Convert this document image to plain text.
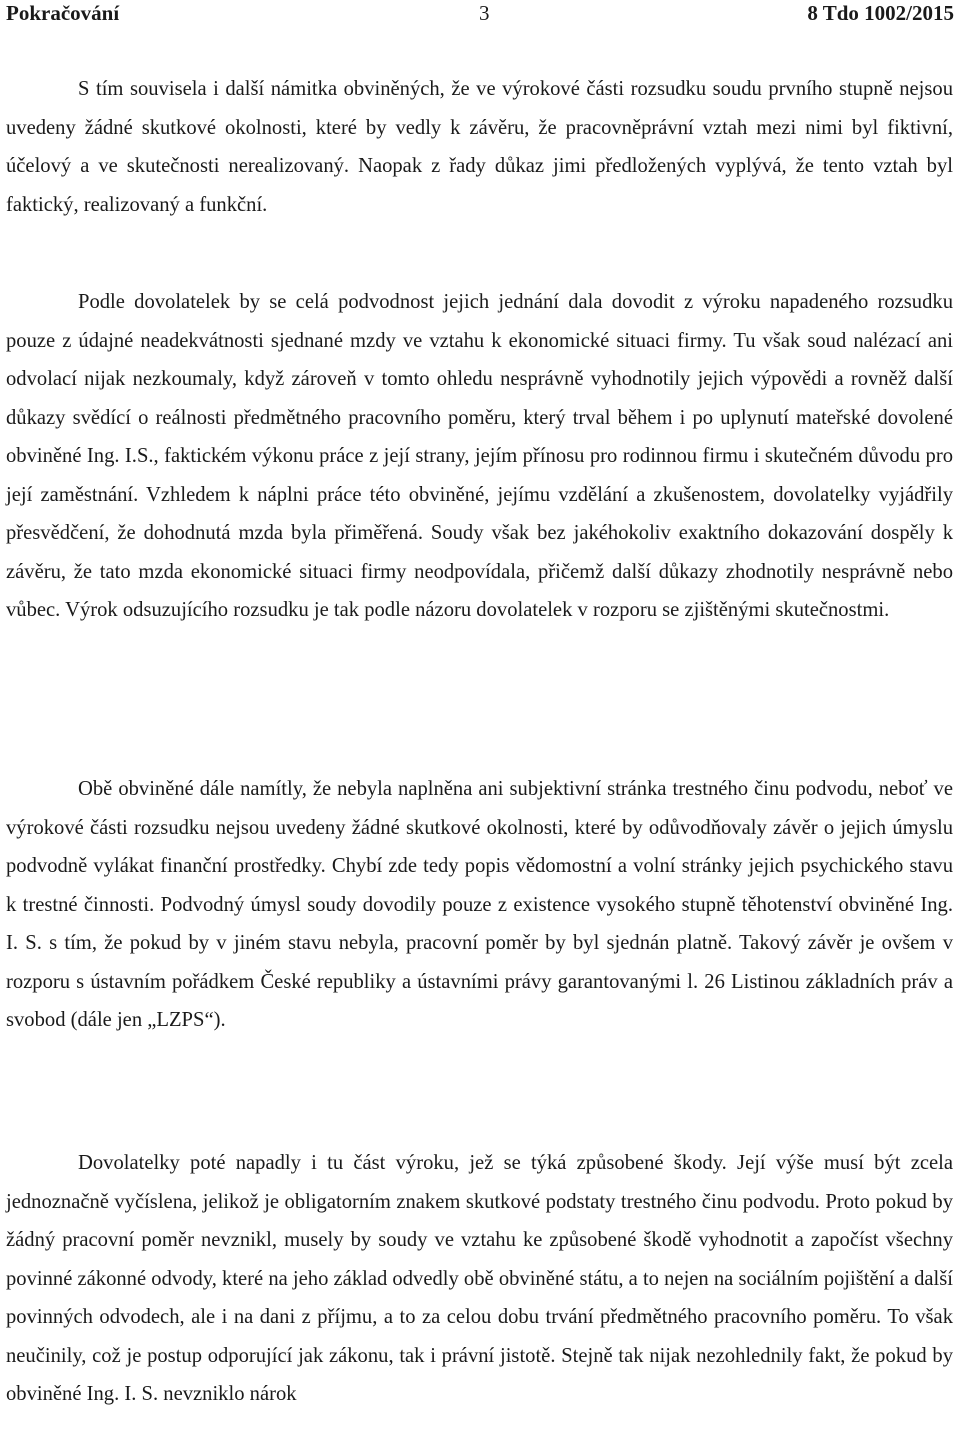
Pokračování	3	8 Tdo 1002/2015

S tím souvisela i další námitka obviněných, že ve výrokové části rozsudku soudu prvního stupně nejsou uvedeny žádné skutkové okolnosti, které by vedly k závěru, že pracovněprávní vztah mezi nimi byl fiktivní, účelový a ve skutečnosti nerealizovaný. Naopak z řady důkaz jimi předložených vyplývá, že tento vztah byl faktický, realizovaný a funkční.

Podle dovolatelek by se celá podvodnost jejich jednání dala dovodit z výroku napadeného rozsudku pouze z údajné neadekvátnosti sjednané mzdy ve vztahu k ekonomické situaci firmy. Tu však soud nalézací ani odvolací nijak nezkoumaly, když zároveň v tomto ohledu nesprávně vyhodnotily jejich výpovědi a rovněž další důkazy svědící o reálnosti předmětného pracovního poměru, který trval během i po uplynutí mateřské dovolené obviněné Ing. I.S., faktickém výkonu práce z její strany, jejím přínosu pro rodinnou firmu i skutečném důvodu pro její zaměstnání. Vzhledem k náplni práce této obviněné, jejímu vzdělání a zkušenostem, dovolatelky vyjádřily přesvědčení, že dohodnutá mzda byla přiměřená. Soudy však bez jakéhokoliv exaktního dokazování dospěly k závěru, že tato mzda ekonomické situaci firmy neodpovídala, přičemž další důkazy zhodnotily nesprávně nebo vůbec. Výrok odsuzujícího rozsudku je tak podle názoru dovolatelek v rozporu se zjištěnými skutečnostmi.

Obě obviněné dále namítly, že nebyla naplněna ani subjektivní stránka trestného činu podvodu, neboť ve výrokové části rozsudku nejsou uvedeny žádné skutkové okolnosti, které by odůvodňovaly závěr o jejich úmyslu podvodně vylákat finanční prostředky. Chybí zde tedy popis vědomostní a volní stránky jejich psychického stavu k trestné činnosti. Podvodný úmysl soudy dovodily pouze z existence vysokého stupně těhotenství obviněné Ing. I. S. s tím, že pokud by v jiném stavu nebyla, pracovní poměr by byl sjednán platně. Takový závěr je ovšem v rozporu s ústavním pořádkem České republiky a ústavními právy garantovanými l. 26 Listinou základních práv a svobod (dále jen „LZPS“).

Dovolatelky poté napadly i tu část výroku, jež se týká způsobené škody. Její výše musí být zcela jednoznačně vyčíslena, jelikož je obligatorním znakem skutkové podstaty trestného činu podvodu. Proto pokud by žádný pracovní poměr nevznikl, musely by soudy ve vztahu ke způsobené škodě vyhodnotit a započíst všechny povinné zákonné odvody, které na jeho základ odvedly obě obviněné státu, a to nejen na sociálním pojištění a další povinných odvodech, ale i na dani z příjmu, a to za celou dobu trvání předmětného pracovního poměru. To však neučinily, což je postup odporující jak zákonu, tak i právní jistotě. Stejně tak nijak nezohlednily fakt, že pokud by obviněné Ing. I. S. nevzniklo nárok
